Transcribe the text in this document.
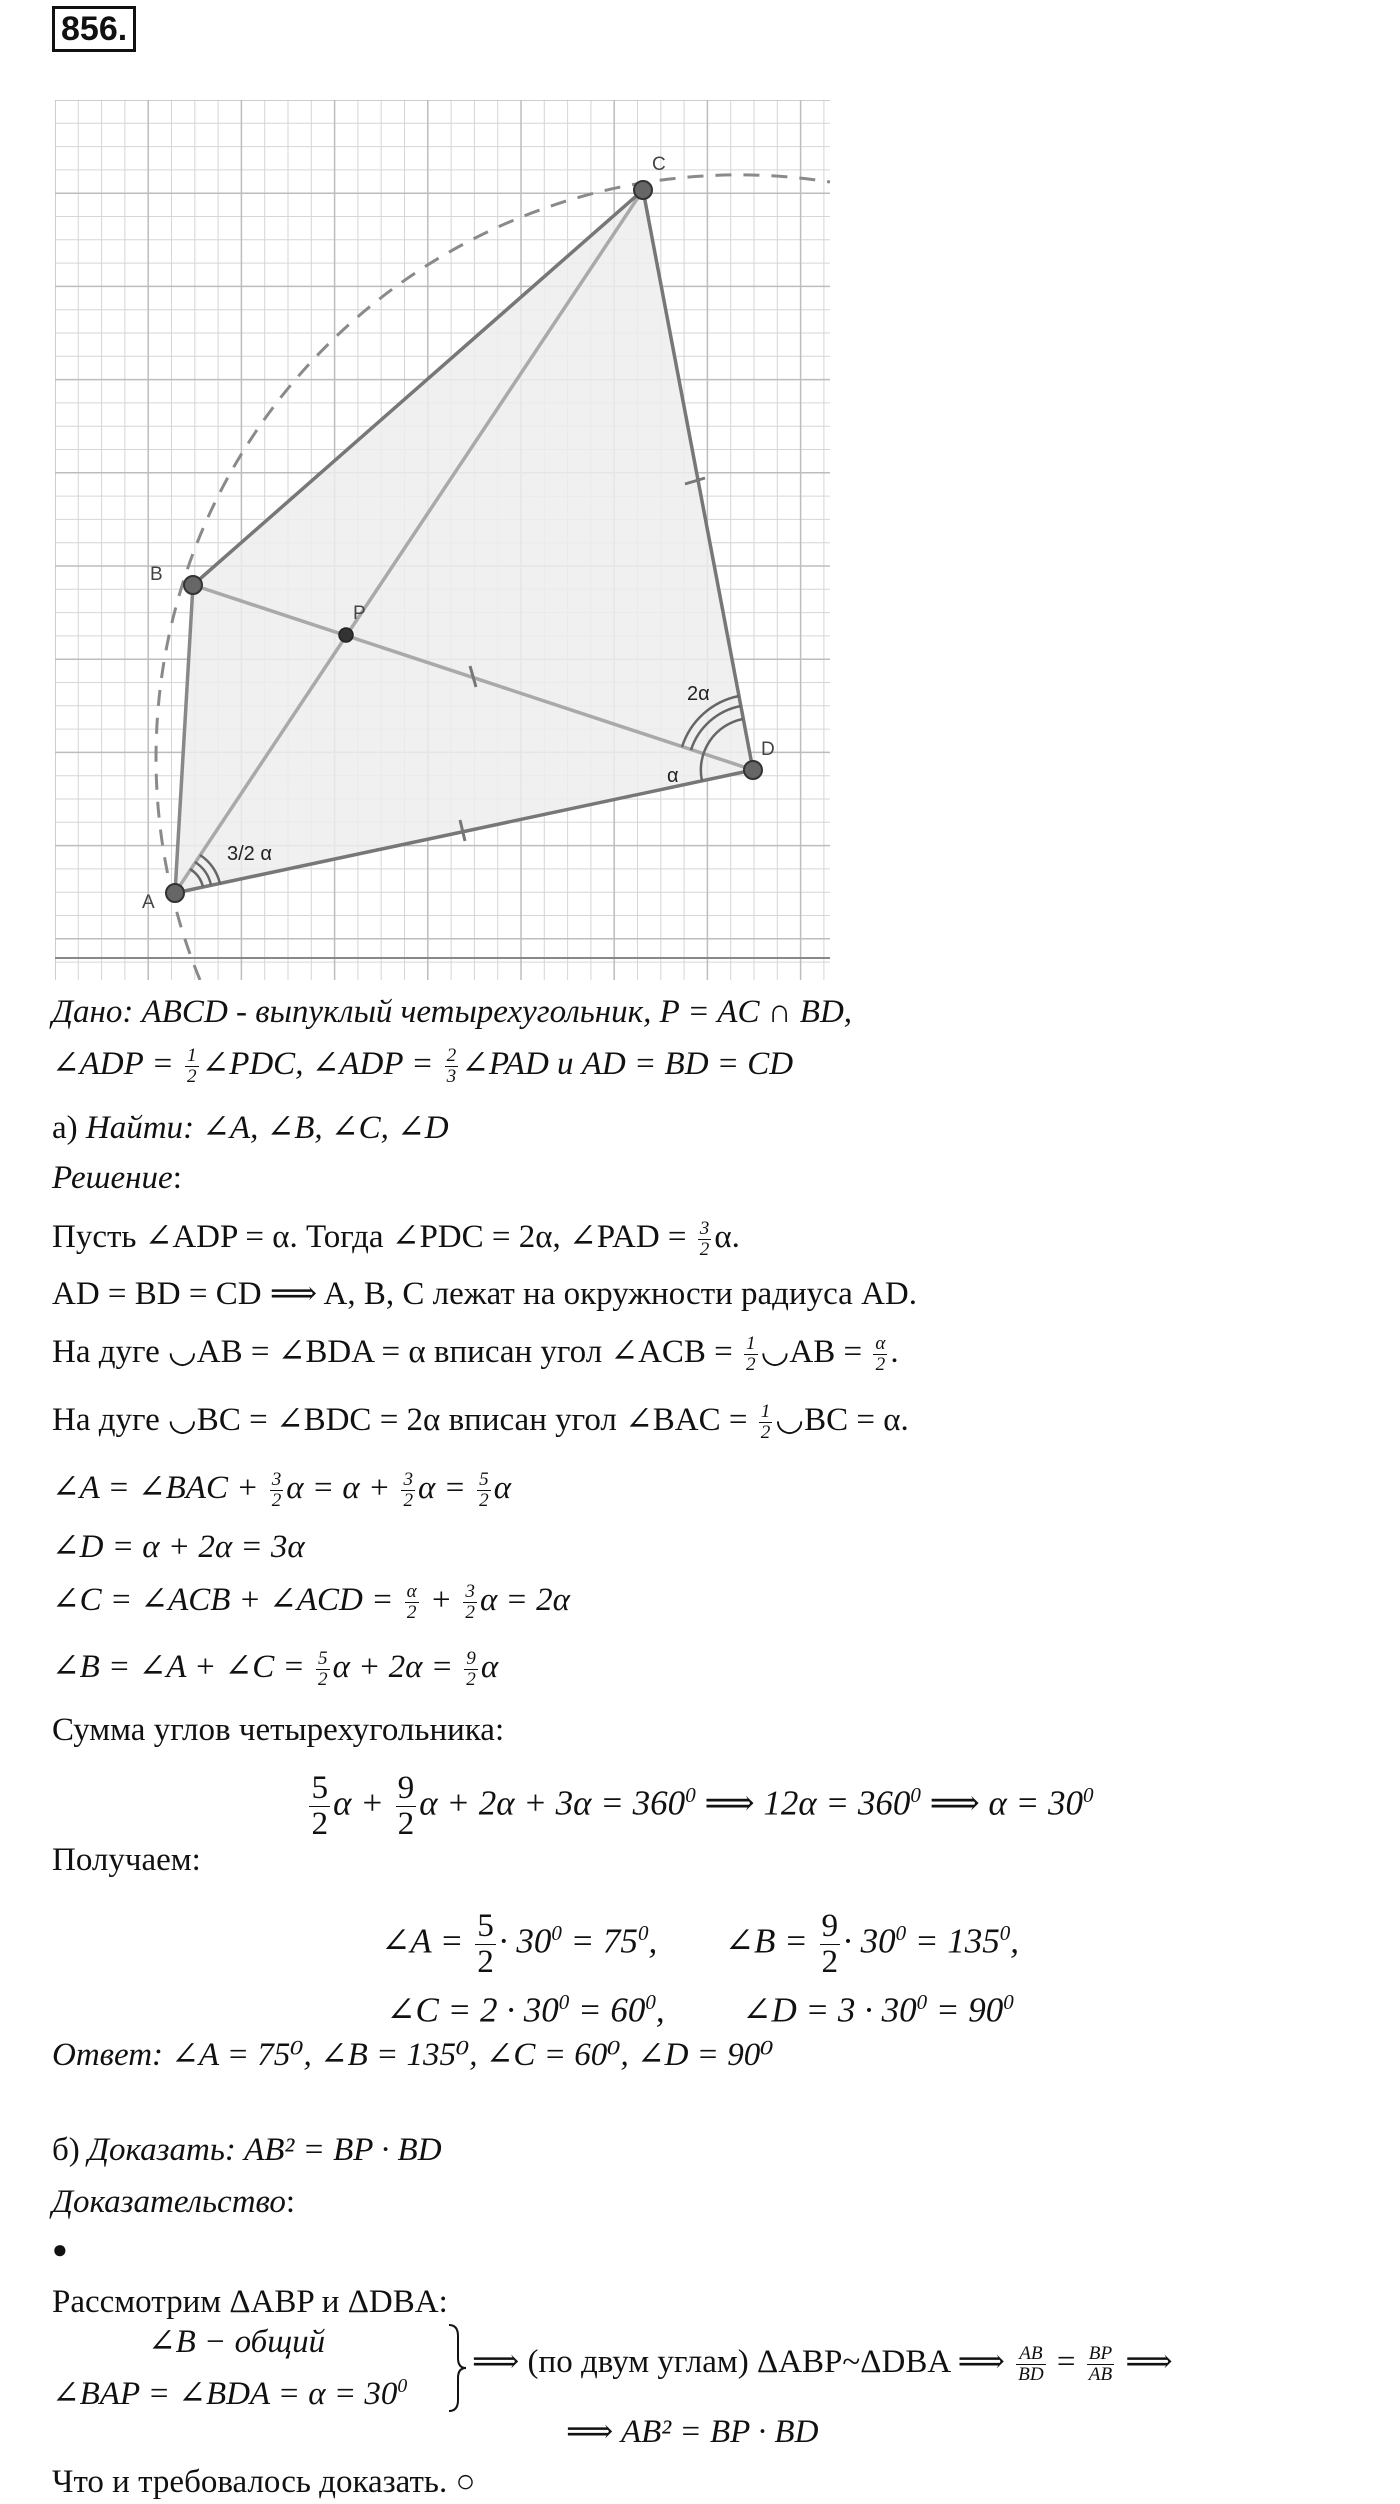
856.
A
B
C
D
P
3/2 α
2α
α
Дано: ABCD - выпуклый четырехугольник, P = AC ∩ BD,
∠ADP = $\frac{1}{2}$ ∠PDC, ∠ADP = $\frac{2}{3}$ ∠PAD и AD = BD = CD
а) Найти: ∠A, ∠B, ∠C, ∠D
Решение:
Пусть ∠ADP = α. Тогда ∠PDC = 2α, ∠PAD = $\frac{3}{2} \alpha$.
AD = BD = CD ⟹ A, B, C лежат на окружности радиуса AD.
На дуге ◡AB = ∠BDA = α вписан угол ∠ACB = $\frac{1}{2}$ ◡AB = $\frac{\alpha}{2}$ .
На дуге ◡BC = ∠BDC = 2α вписан угол ∠BAC = $\frac{1}{2}$ ◡BC = α.
∠A = ∠BAC + $\frac{3}{2}$ $\alpha = \alpha + \frac{3}{2}$ $\alpha = \frac{5}{2}$ α
∠D = α + 2α = 3α
∠C = ∠ACB + ∠ACD = $\frac{\alpha}{2} + \frac{3}{2}$ α = 2α
∠B = ∠A + ∠C = $\frac{5}{2}$ $\alpha + 2\alpha = \frac{9}{2}$ α
Сумма углов четырехугольника:
$\frac{5}{2}$ $\alpha + \frac{9}{2}$ $\alpha + 2\alpha + 3\alpha = 360^0$ ⟹ $12\alpha = 360^0$ ⟹ $\alpha = 30^0$
Получаем:
∠A = $\frac{5}{2} \cdot 30^0 = 75^0$, ∠B = $\frac{9}{2} \cdot 30^0 = 135^0$,
∠C = $2 \cdot 30^0 = 60^0$, ∠D = $3 \cdot 30^0 = 90^0$
Ответ: ∠A = 75⁰, ∠B = 135⁰, ∠C = 60⁰, ∠D = 90⁰
б) Доказать: AB² = BP · BD
Доказательство:
●
Рассмотрим ΔABP и ΔDBA:
∠B − общий
∠BAP = ∠BDA = $\alpha = 30^0$
⟹ (по двум углам) ΔABP~ΔDBA ⟹ $\frac{AB}{BD} = \frac{BP}{AB}$ ⟹
⟹ AB² = BP · BD
Что и требовалось доказать. ○
